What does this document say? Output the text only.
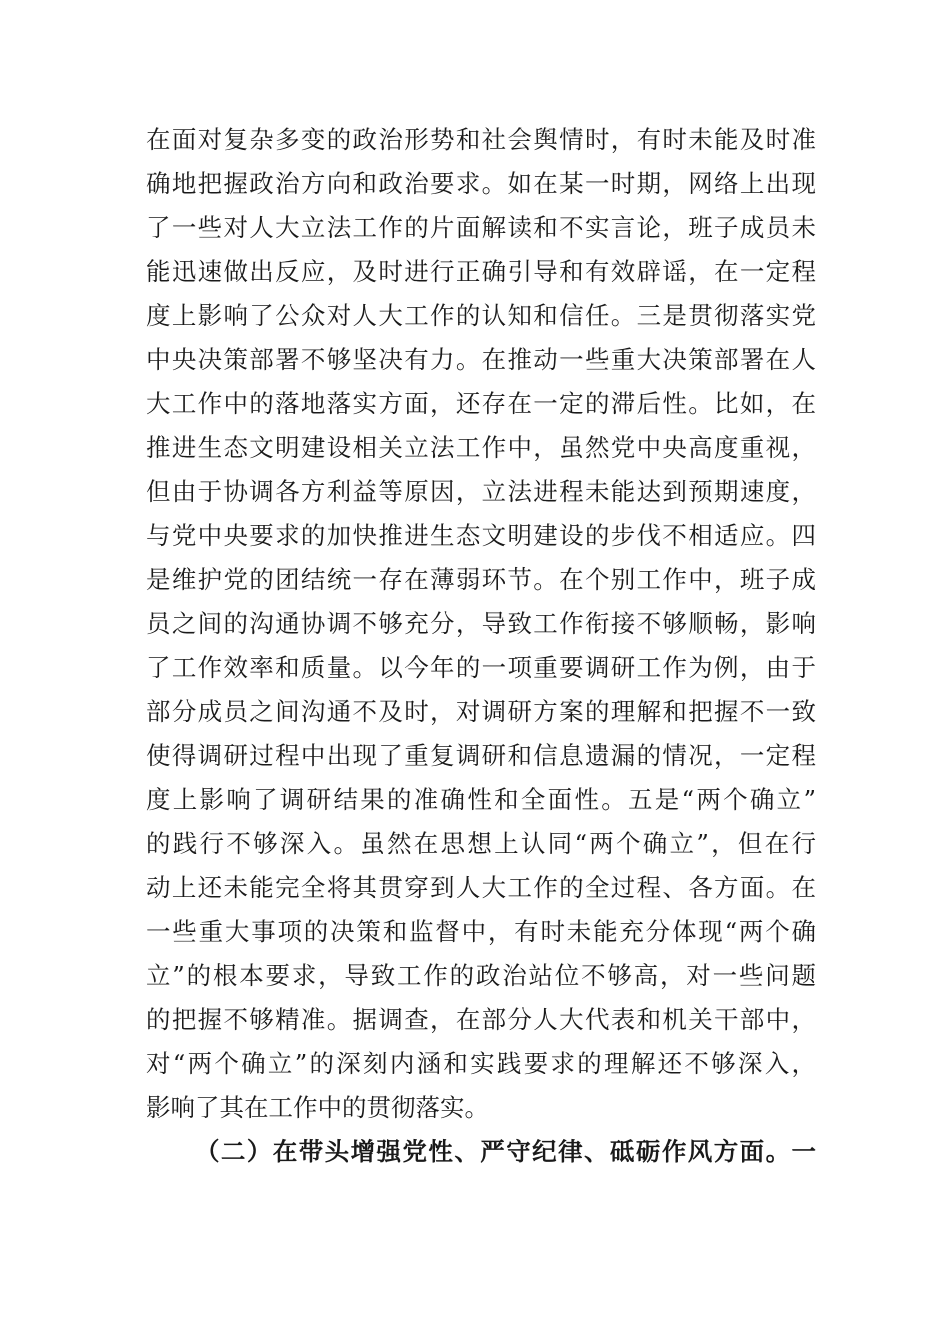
在面对复杂多变的政治形势和社会舆情时，有时未能及时准
确地把握政治方向和政治要求。如在某一时期，网络上出现
了一些对人大立法工作的片面解读和不实言论，班子成员未
能迅速做出反应，及时进行正确引导和有效辟谣，在一定程
度上影响了公众对人大工作的认知和信任。三是贯彻落实党
中央决策部署不够坚决有力。在推动一些重大决策部署在人
大工作中的落地落实方面，还存在一定的滞后性。比如，在
推进生态文明建设相关立法工作中，虽然党中央高度重视，
但由于协调各方利益等原因，立法进程未能达到预期速度，
与党中央要求的加快推进生态文明建设的步伐不相适应。四
是维护党的团结统一存在薄弱环节。在个别工作中，班子成
员之间的沟通协调不够充分，导致工作衔接不够顺畅，影响
了工作效率和质量。以今年的一项重要调研工作为例，由于
部分成员之间沟通不及时，对调研方案的理解和把握不一致
使得调研过程中出现了重复调研和信息遗漏的情况，一定程
度上影响了调研结果的准确性和全面性。五是“两个确立”
的践行不够深入。虽然在思想上认同“两个确立”，但在行
动上还未能完全将其贯穿到人大工作的全过程、各方面。在
一些重大事项的决策和监督中，有时未能充分体现“两个确
立”的根本要求，导致工作的政治站位不够高，对一些问题
的把握不够精准。据调查，在部分人大代表和机关干部中，
对“两个确立”的深刻内涵和实践要求的理解还不够深入，
影响了其在工作中的贯彻落实。
（二）在带头增强党性、严守纪律、砥砺作风方面。一
